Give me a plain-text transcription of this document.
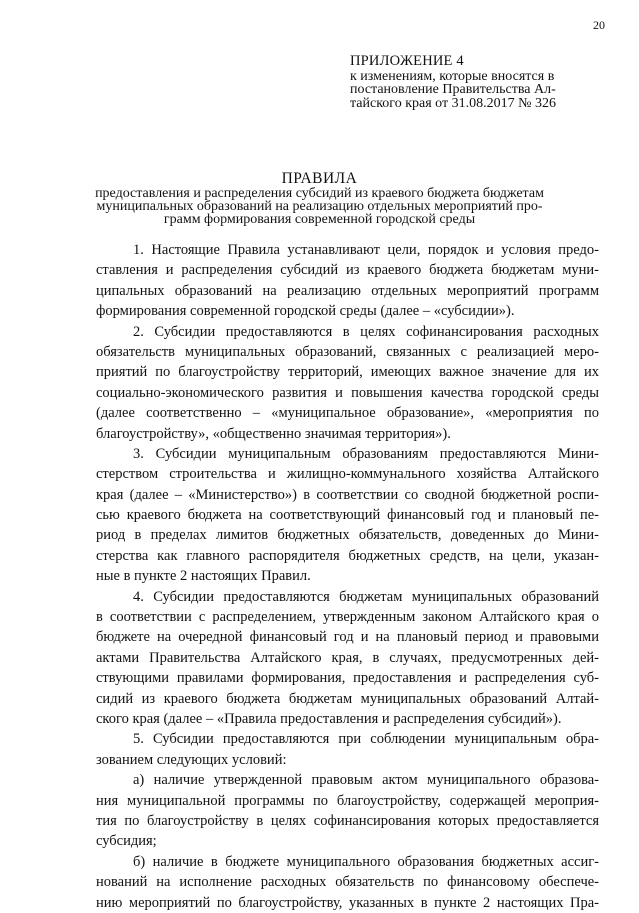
20
ПРИЛОЖЕНИЕ 4
к изменениям, которые вносятся в
постановление Правительства Ал-
тайского края от 31.08.2017 № 326
ПРАВИЛА
предоставления и распределения субсидий из краевого бюджета бюджетам
муниципальных образований на реализацию отдельных мероприятий про-
грамм формирования современной городской среды
1. Настоящие Правила устанавливают цели, порядок и условия предо-
ставления и распределения субсидий из краевого бюджета бюджетам муни-
ципальных образований на реализацию отдельных мероприятий программ
формирования современной городской среды (далее – «субсидии»).
2. Субсидии предоставляются в целях софинансирования расходных
обязательств муниципальных образований, связанных с реализацией меро-
приятий по благоустройству территорий, имеющих важное значение для их
социально-экономического развития и повышения качества городской среды
(далее соответственно – «муниципальное образование», «мероприятия по
благоустройству», «общественно значимая территория»).
3. Субсидии муниципальным образованиям предоставляются Мини-
стерством строительства и жилищно-коммунального хозяйства Алтайского
края (далее – «Министерство») в соответствии со сводной бюджетной роспи-
сью краевого бюджета на соответствующий финансовый год и плановый пе-
риод в пределах лимитов бюджетных обязательств, доведенных до Мини-
стерства как главного распорядителя бюджетных средств, на цели, указан-
ные в пункте 2 настоящих Правил.
4. Субсидии предоставляются бюджетам муниципальных образований
в соответствии с распределением, утвержденным законом Алтайского края о
бюджете на очередной финансовый год и на плановый период и правовыми
актами Правительства Алтайского края, в случаях, предусмотренных дей-
ствующими правилами формирования, предоставления и распределения суб-
сидий из краевого бюджета бюджетам муниципальных образований Алтай-
ского края (далее – «Правила предоставления и распределения субсидий»).
5. Субсидии предоставляются при соблюдении муниципальным обра-
зованием следующих условий:
а) наличие утвержденной правовым актом муниципального образова-
ния муниципальной программы по благоустройству, содержащей мероприя-
тия по благоустройству в целях софинансирования которых предоставляется
субсидия;
б) наличие в бюджете муниципального образования бюджетных ассиг-
нований на исполнение расходных обязательств по финансовому обеспече-
нию мероприятий по благоустройству, указанных в пункте 2 настоящих Пра-
